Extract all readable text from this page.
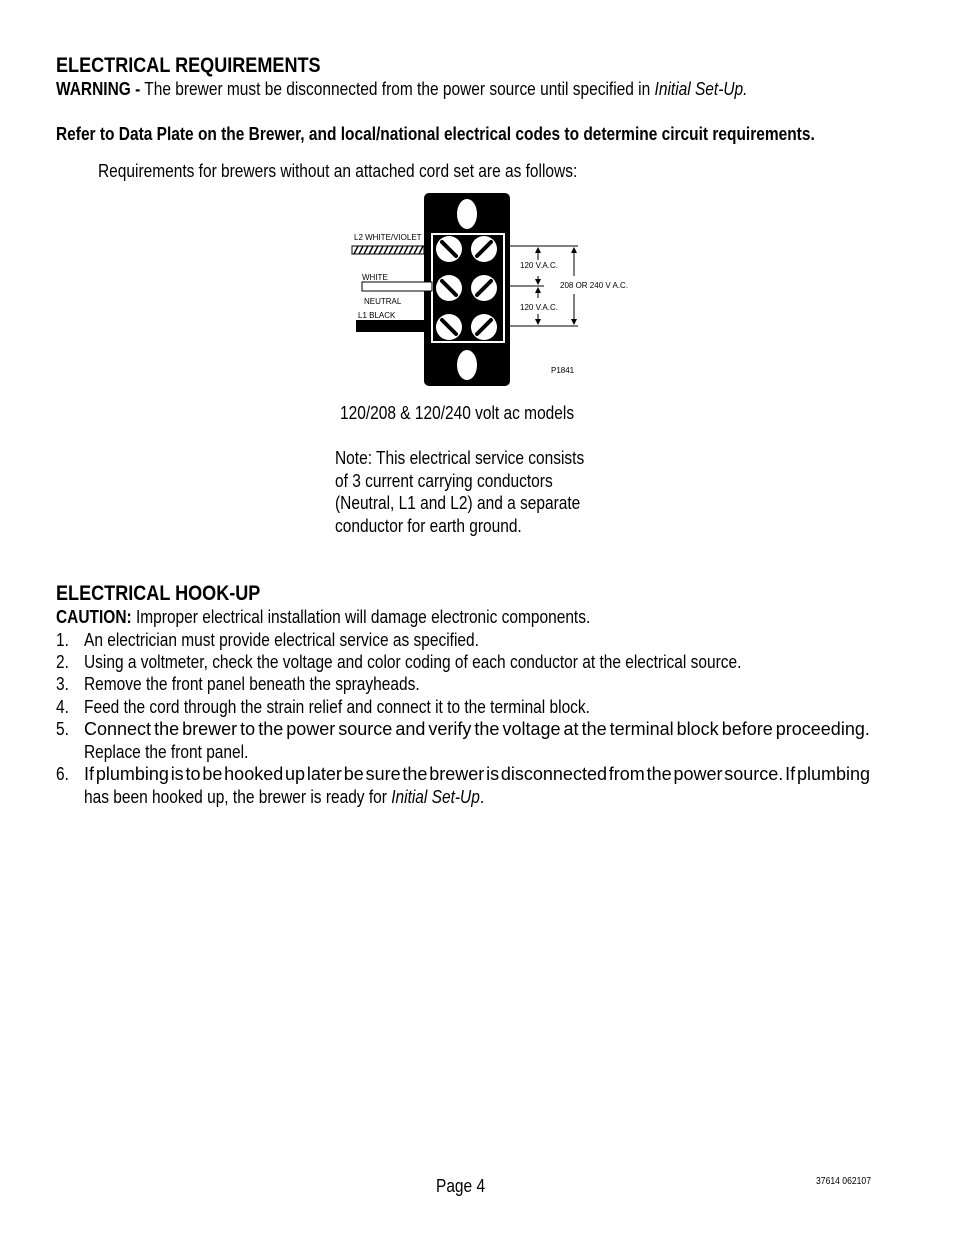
ELECTRICAL REQUIREMENTS
WARNING - The brewer must be disconnected from the power source until specified in Initial Set-Up.
Refer to Data Plate on the Brewer, and local/national electrical codes to determine circuit requirements.
Requirements for brewers without an attached cord set are as follows:
L2 WHITE/VIOLET
WHITE
NEUTRAL
L1 BLACK
120 V.A.C.
120 V.A.C.
208 OR 240 V A.C.
P1841
120/208 & 120/240 volt ac models
Note: This electrical service consists
of 3 current carrying conductors
(Neutral, L1 and L2) and a separate
conductor for earth ground.
ELECTRICAL HOOK-UP
CAUTION: Improper electrical installation will damage electronic components.
1. An electrician must provide electrical service as specified.
2. Using a voltmeter, check the voltage and color coding of each conductor at the electrical source.
3. Remove the front panel beneath the sprayheads.
4. Feed the cord through the strain relief and connect it to the terminal block.
5. Connect the brewer to the power source and verify the voltage at the terminal block before proceeding.
Replace the front panel.
6. If plumbing is to be hooked up later be sure the brewer is disconnected from the power source. If plumbing
has been hooked up, the brewer is ready for Initial Set-Up.
Page 4	37614 062107
